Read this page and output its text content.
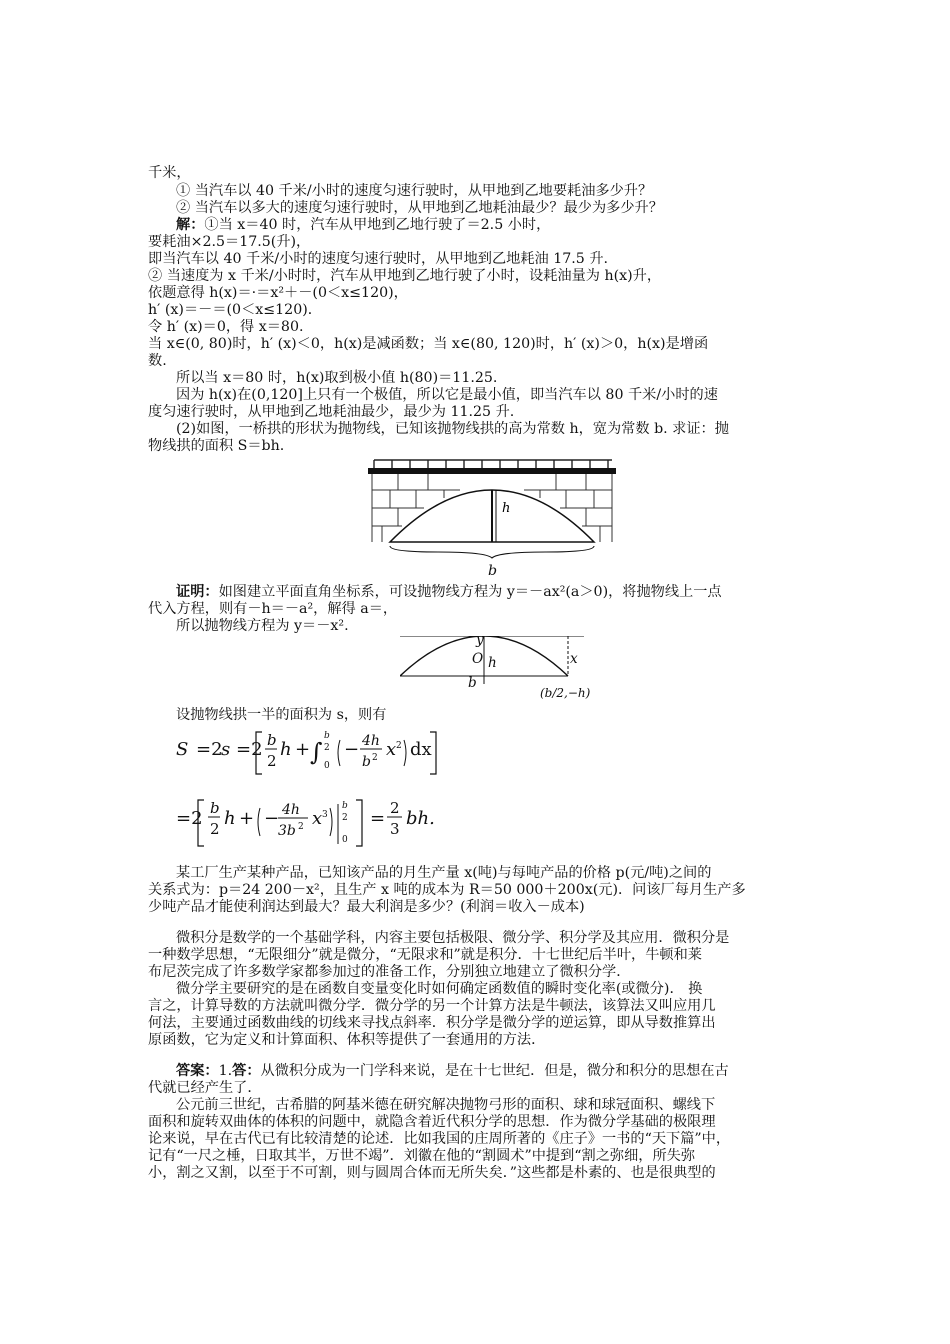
千米，
① 当汽车以 40 千米/小时的速度匀速行驶时，从甲地到乙地要耗油多少升？
② 当汽车以多大的速度匀速行驶时，从甲地到乙地耗油最少？最少为多少升？
解：①当 x＝40 时，汽车从甲地到乙地行驶了＝2.5 小时，
要耗油×2.5＝17.5(升)，
即当汽车以 40 千米/小时的速度匀速行驶时，从甲地到乙地耗油 17.5 升.
② 当速度为 x 千米/小时时，汽车从甲地到乙地行驶了小时，设耗油量为 h(x)升，
依题意得 h(x)＝·＝x²＋－(0＜x≤120)，
h′ (x)＝－＝(0＜x≤120)．
令 h′ (x)＝0，得 x＝80.
当 x∈(0, 80)时，h′ (x)＜0，h(x)是减函数；当 x∈(80, 120)时，h′ (x)＞0，h(x)是增函
数.
所以当 x＝80 时，h(x)取到极小值 h(80)＝11.25.
因为 h(x)在(0,120]上只有一个极值，所以它是最小值，即当汽车以 80 千米/小时的速
度匀速行驶时，从甲地到乙地耗油最少，最少为 11.25 升.
(2)如图，一桥拱的形状为抛物线，已知该抛物线拱的高为常数 h，宽为常数 b. 求证：抛
物线拱的面积 S＝bh.
h
b
证明：如图建立平面直角坐标系，可设抛物线方程为 y＝－ax²(a＞0)，将抛物线上一点
代入方程，则有－h＝－a²，解得 a＝，
所以抛物线方程为 y＝－x².
y
O	x
h
b
(b/2,−h)
设抛物线拱一半的面积为 s，则有
S =2
s =2 b
2
h + ∫
b
2
0
− 4h
b 2 x 2 dx
=2 b
2 h + − 4h
3b 2 x 3
b
2
0
= 2
3 bh.
某工厂生产某种产品，已知该产品的月生产量 x(吨)与每吨产品的价格 p(元/吨)之间的
关系式为：p＝24 200－x²，且生产 x 吨的成本为 R＝50 000＋200x(元)．问该厂每月生产多
少吨产品才能使利润达到最大？最大利润是多少？(利润＝收入－成本)
微积分是数学的一个基础学科，内容主要包括极限、微分学、积分学及其应用．微积分是
一种数学思想，“无限细分”就是微分，“无限求和”就是积分．十七世纪后半叶，牛顿和莱
布尼茨完成了许多数学家都参加过的准备工作，分别独立地建立了微积分学．
微分学主要研究的是在函数自变量变化时如何确定函数值的瞬时变化率(或微分)． 换
言之，计算导数的方法就叫微分学．微分学的另一个计算方法是牛顿法，该算法又叫应用几
何法，主要通过函数曲线的切线来寻找点斜率．积分学是微分学的逆运算，即从导数推算出
原函数，它为定义和计算面积、体积等提供了一套通用的方法．
答案：1.答：从微积分成为一门学科来说，是在十七世纪．但是，微分和积分的思想在古
代就已经产生了．
公元前三世纪，古希腊的阿基米德在研究解决抛物弓形的面积、球和球冠面积、螺线下
面积和旋转双曲体的体积的问题中，就隐含着近代积分学的思想．作为微分学基础的极限理
论来说，早在古代已有比较清楚的论述．比如我国的庄周所著的《庄子》一书的“天下篇”中，
记有“一尺之棰，日取其半，万世不竭”．刘徽在他的“割圆术”中提到“割之弥细，所失弥
小，割之又割，以至于不可割，则与圆周合体而无所失矣．”这些都是朴素的、也是很典型的
